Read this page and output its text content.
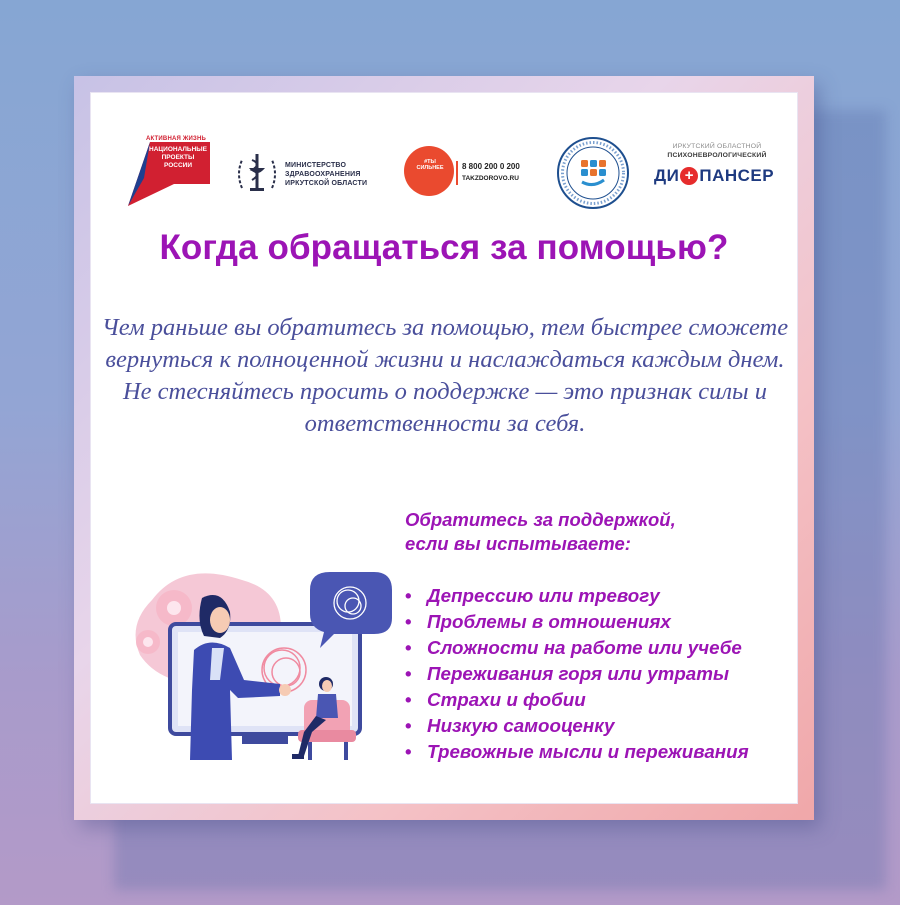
АКТИВНАЯ ЖИЗНЬ
НАЦИОНАЛЬНЫЕ ПРОЕКТЫ РОССИИ	МИНИСТЕРСТВО
ЗДРАВООХРАНЕНИЯ
ИРКУТСКОЙ ОБЛАСТИ
#ТЫ СИЛЬНЕЕ	8 800 200 0 200
TAKZDOROVO.RU
ИРКУТСКИЙ ОБЛАСТНОЙ
ПСИХОНЕВРОЛОГИЧЕСКИЙ
ДИ + ПАНСЕР
Когда обращаться за помощью?
Чем раньше вы обратитесь за помощью, тем быстрее сможете вернуться к полноценной жизни и наслаждаться каждым днем. Не стесняйтесь просить о поддержке — это признак силы и ответственности за себя.
Обратитесь за поддержкой,
если вы испытываете:
• Депрессию или тревогу
• Проблемы в отношениях
• Сложности на работе или учебе
• Переживания горя или утраты
• Страхи и фобии
• Низкую самооценку
• Тревожные мысли и переживания
